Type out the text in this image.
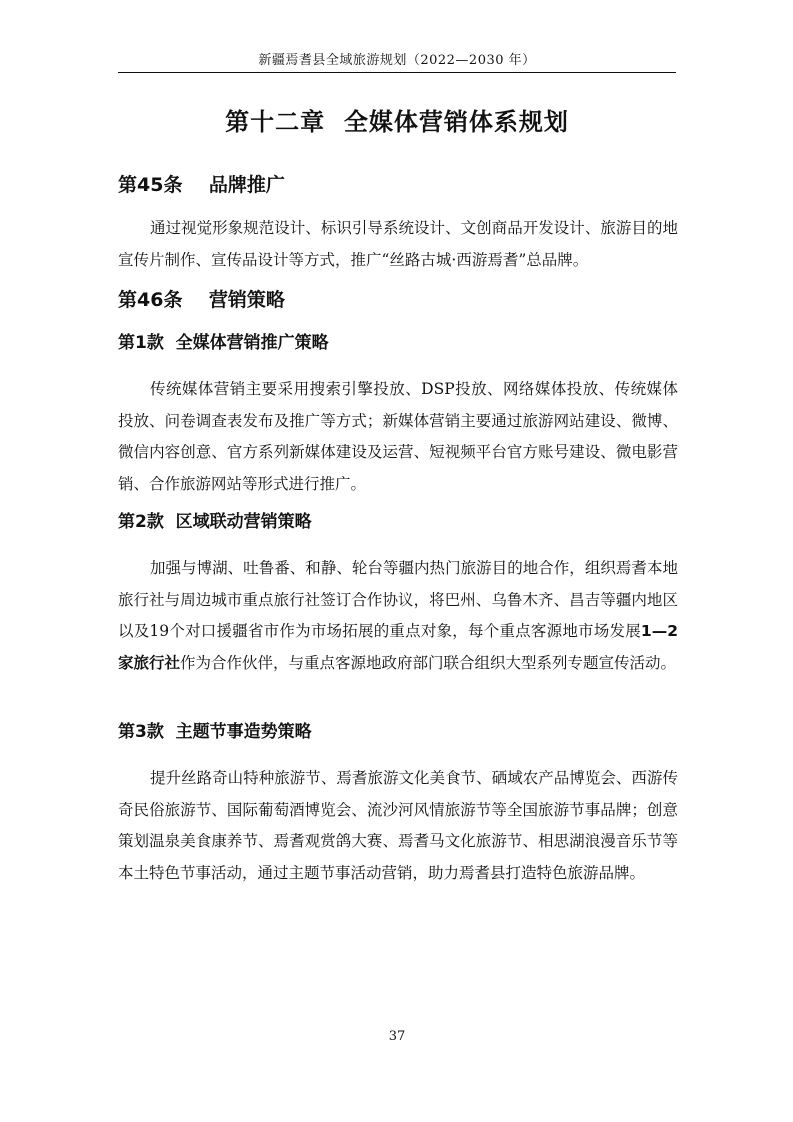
新疆焉耆县全域旅游规划（2022—2030 年）
第十二章  全媒体营销体系规划
第45条    品牌推广
通过视觉形象规范设计、标识引导系统设计、文创商品开发设计、旅游目的地宣传片制作、宣传品设计等方式，推广“丝路古城·西游焉耆”总品牌。
第46条    营销策略
第1款  全媒体营销推广策略
传统媒体营销主要采用搜索引擎投放、DSP投放、网络媒体投放、传统媒体投放、问卷调查表发布及推广等方式；新媒体营销主要通过旅游网站建设、微博、微信内容创意、官方系列新媒体建设及运营、短视频平台官方账号建设、微电影营销、合作旅游网站等形式进行推广。
第2款  区域联动营销策略
加强与博湖、吐鲁番、和静、轮台等疆内热门旅游目的地合作，组织焉耆本地旅行社与周边城市重点旅行社签订合作协议，将巴州、乌鲁木齐、昌吉等疆内地区以及19个对口援疆省市作为市场拓展的重点对象，每个重点客源地市场发展1—2家旅行社作为合作伙伴，与重点客源地政府部门联合组织大型系列专题宣传活动。
第3款  主题节事造势策略
提升丝路奇山特种旅游节、焉耆旅游文化美食节、硒域农产品博览会、西游传奇民俗旅游节、国际葡萄酒博览会、流沙河风情旅游节等全国旅游节事品牌；创意策划温泉美食康养节、焉耆观赏鸽大赛、焉耆马文化旅游节、相思湖浪漫音乐节等本土特色节事活动，通过主题节事活动营销，助力焉耆县打造特色旅游品牌。
37
